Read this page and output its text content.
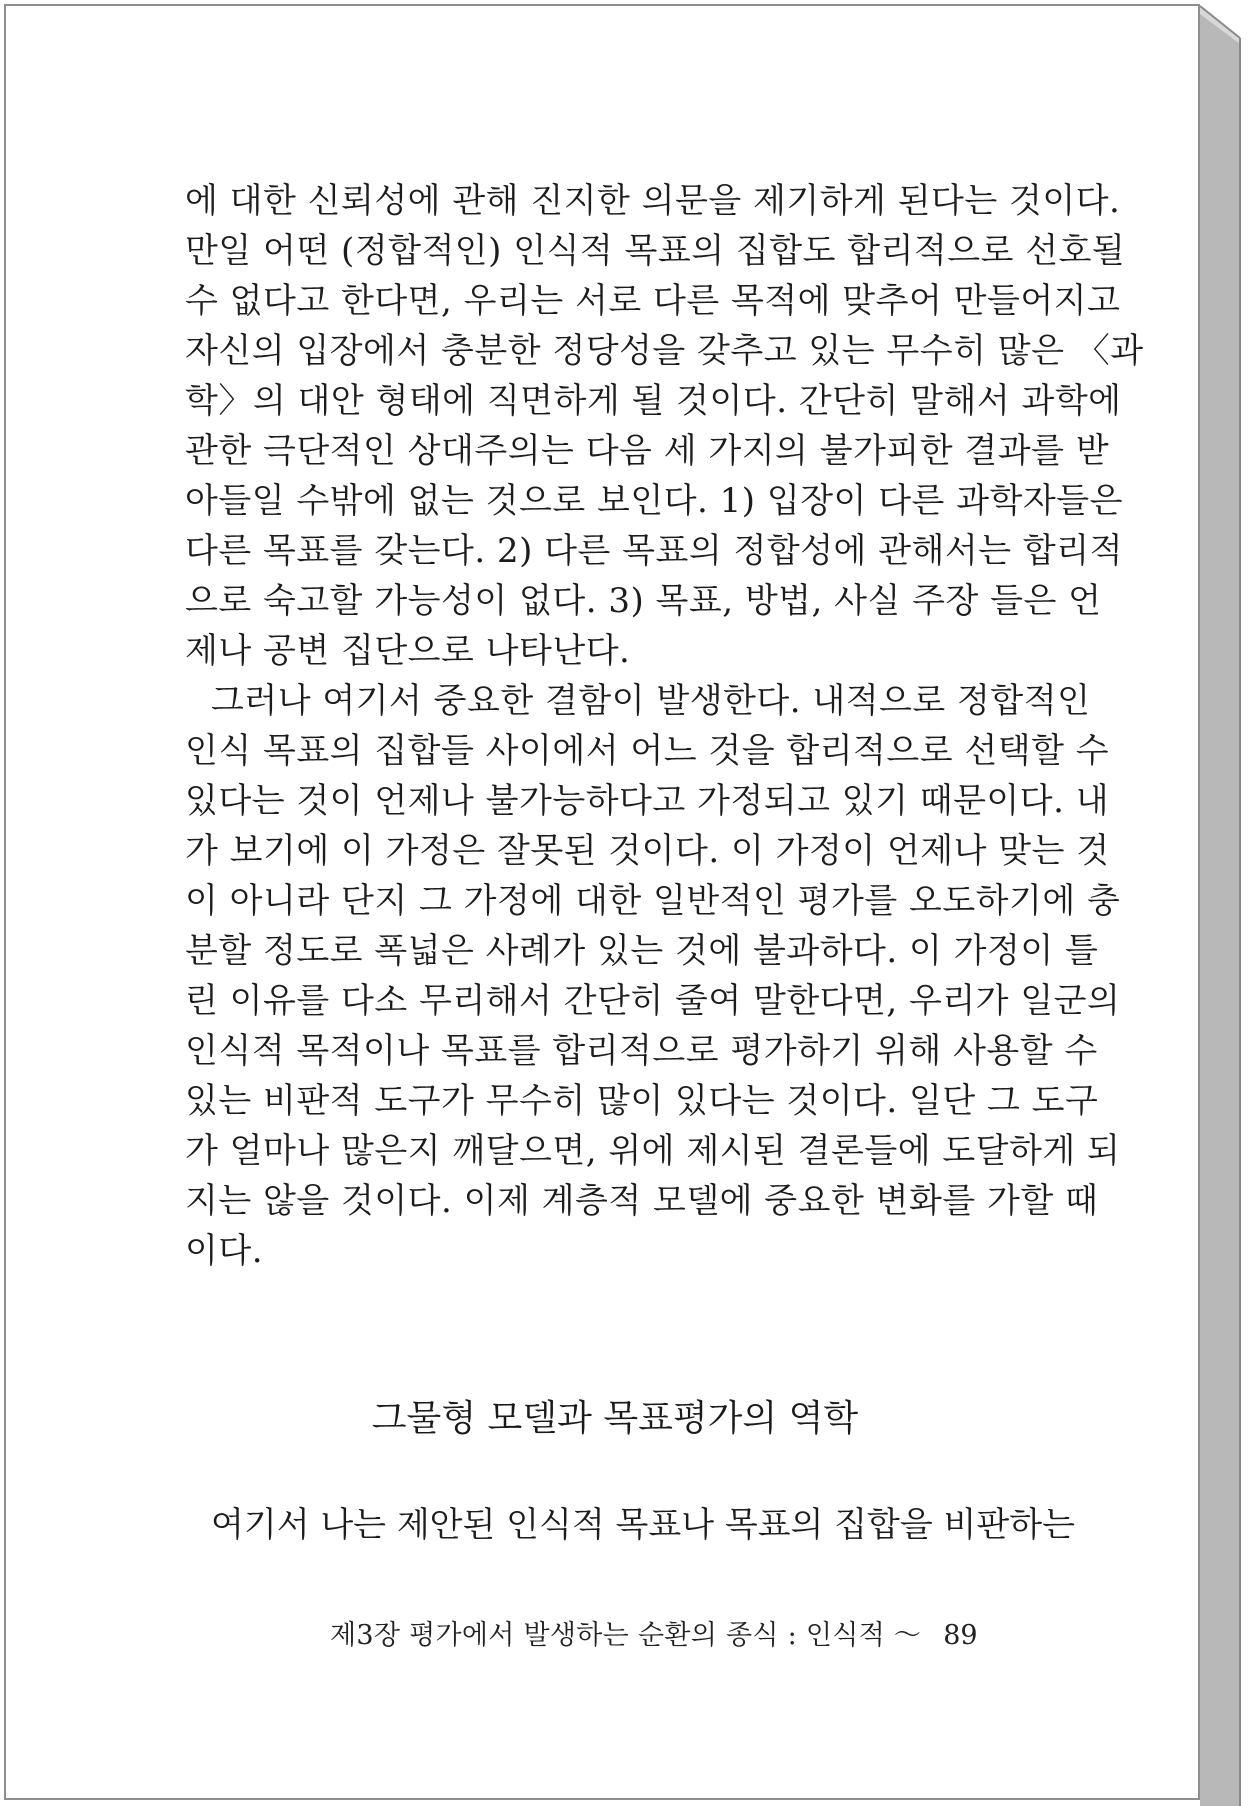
에 대한 신뢰성에 관해 진지한 의문을 제기하게 된다는 것이다.
만일 어떤 (정합적인) 인식적 목표의 집합도 합리적으로 선호될
수 없다고 한다면, 우리는 서로 다른 목적에 맞추어 만들어지고
자신의 입장에서 충분한 정당성을 갖추고 있는 무수히 많은 〈과
학〉의 대안 형태에 직면하게 될 것이다. 간단히 말해서 과학에
관한 극단적인 상대주의는 다음 세 가지의 불가피한 결과를 받
아들일 수밖에 없는 것으로 보인다. 1) 입장이 다른 과학자들은
다른 목표를 갖는다. 2) 다른 목표의 정합성에 관해서는 합리적
으로 숙고할 가능성이 없다. 3) 목표, 방법, 사실 주장 들은 언
제나 공변 집단으로 나타난다.

그러나 여기서 중요한 결함이 발생한다. 내적으로 정합적인
인식 목표의 집합들 사이에서 어느 것을 합리적으로 선택할 수
있다는 것이 언제나 불가능하다고 가정되고 있기 때문이다. 내
가 보기에 이 가정은 잘못된 것이다. 이 가정이 언제나 맞는 것
이 아니라 단지 그 가정에 대한 일반적인 평가를 오도하기에 충
분할 정도로 폭넓은 사례가 있는 것에 불과하다. 이 가정이 틀
린 이유를 다소 무리해서 간단히 줄여 말한다면, 우리가 일군의
인식적 목적이나 목표를 합리적으로 평가하기 위해 사용할 수
있는 비판적 도구가 무수히 많이 있다는 것이다. 일단 그 도구
가 얼마나 많은지 깨달으면, 위에 제시된 결론들에 도달하게 되
지는 않을 것이다. 이제 계층적 모델에 중요한 변화를 가할 때
이다.

그물형 모델과 목표평가의 역학
여기서 나는 제안된 인식적 목표나 목표의 집합을 비판하는
제3장 평가에서 발생하는 순환의 종식 : 인식적 ～ 89
